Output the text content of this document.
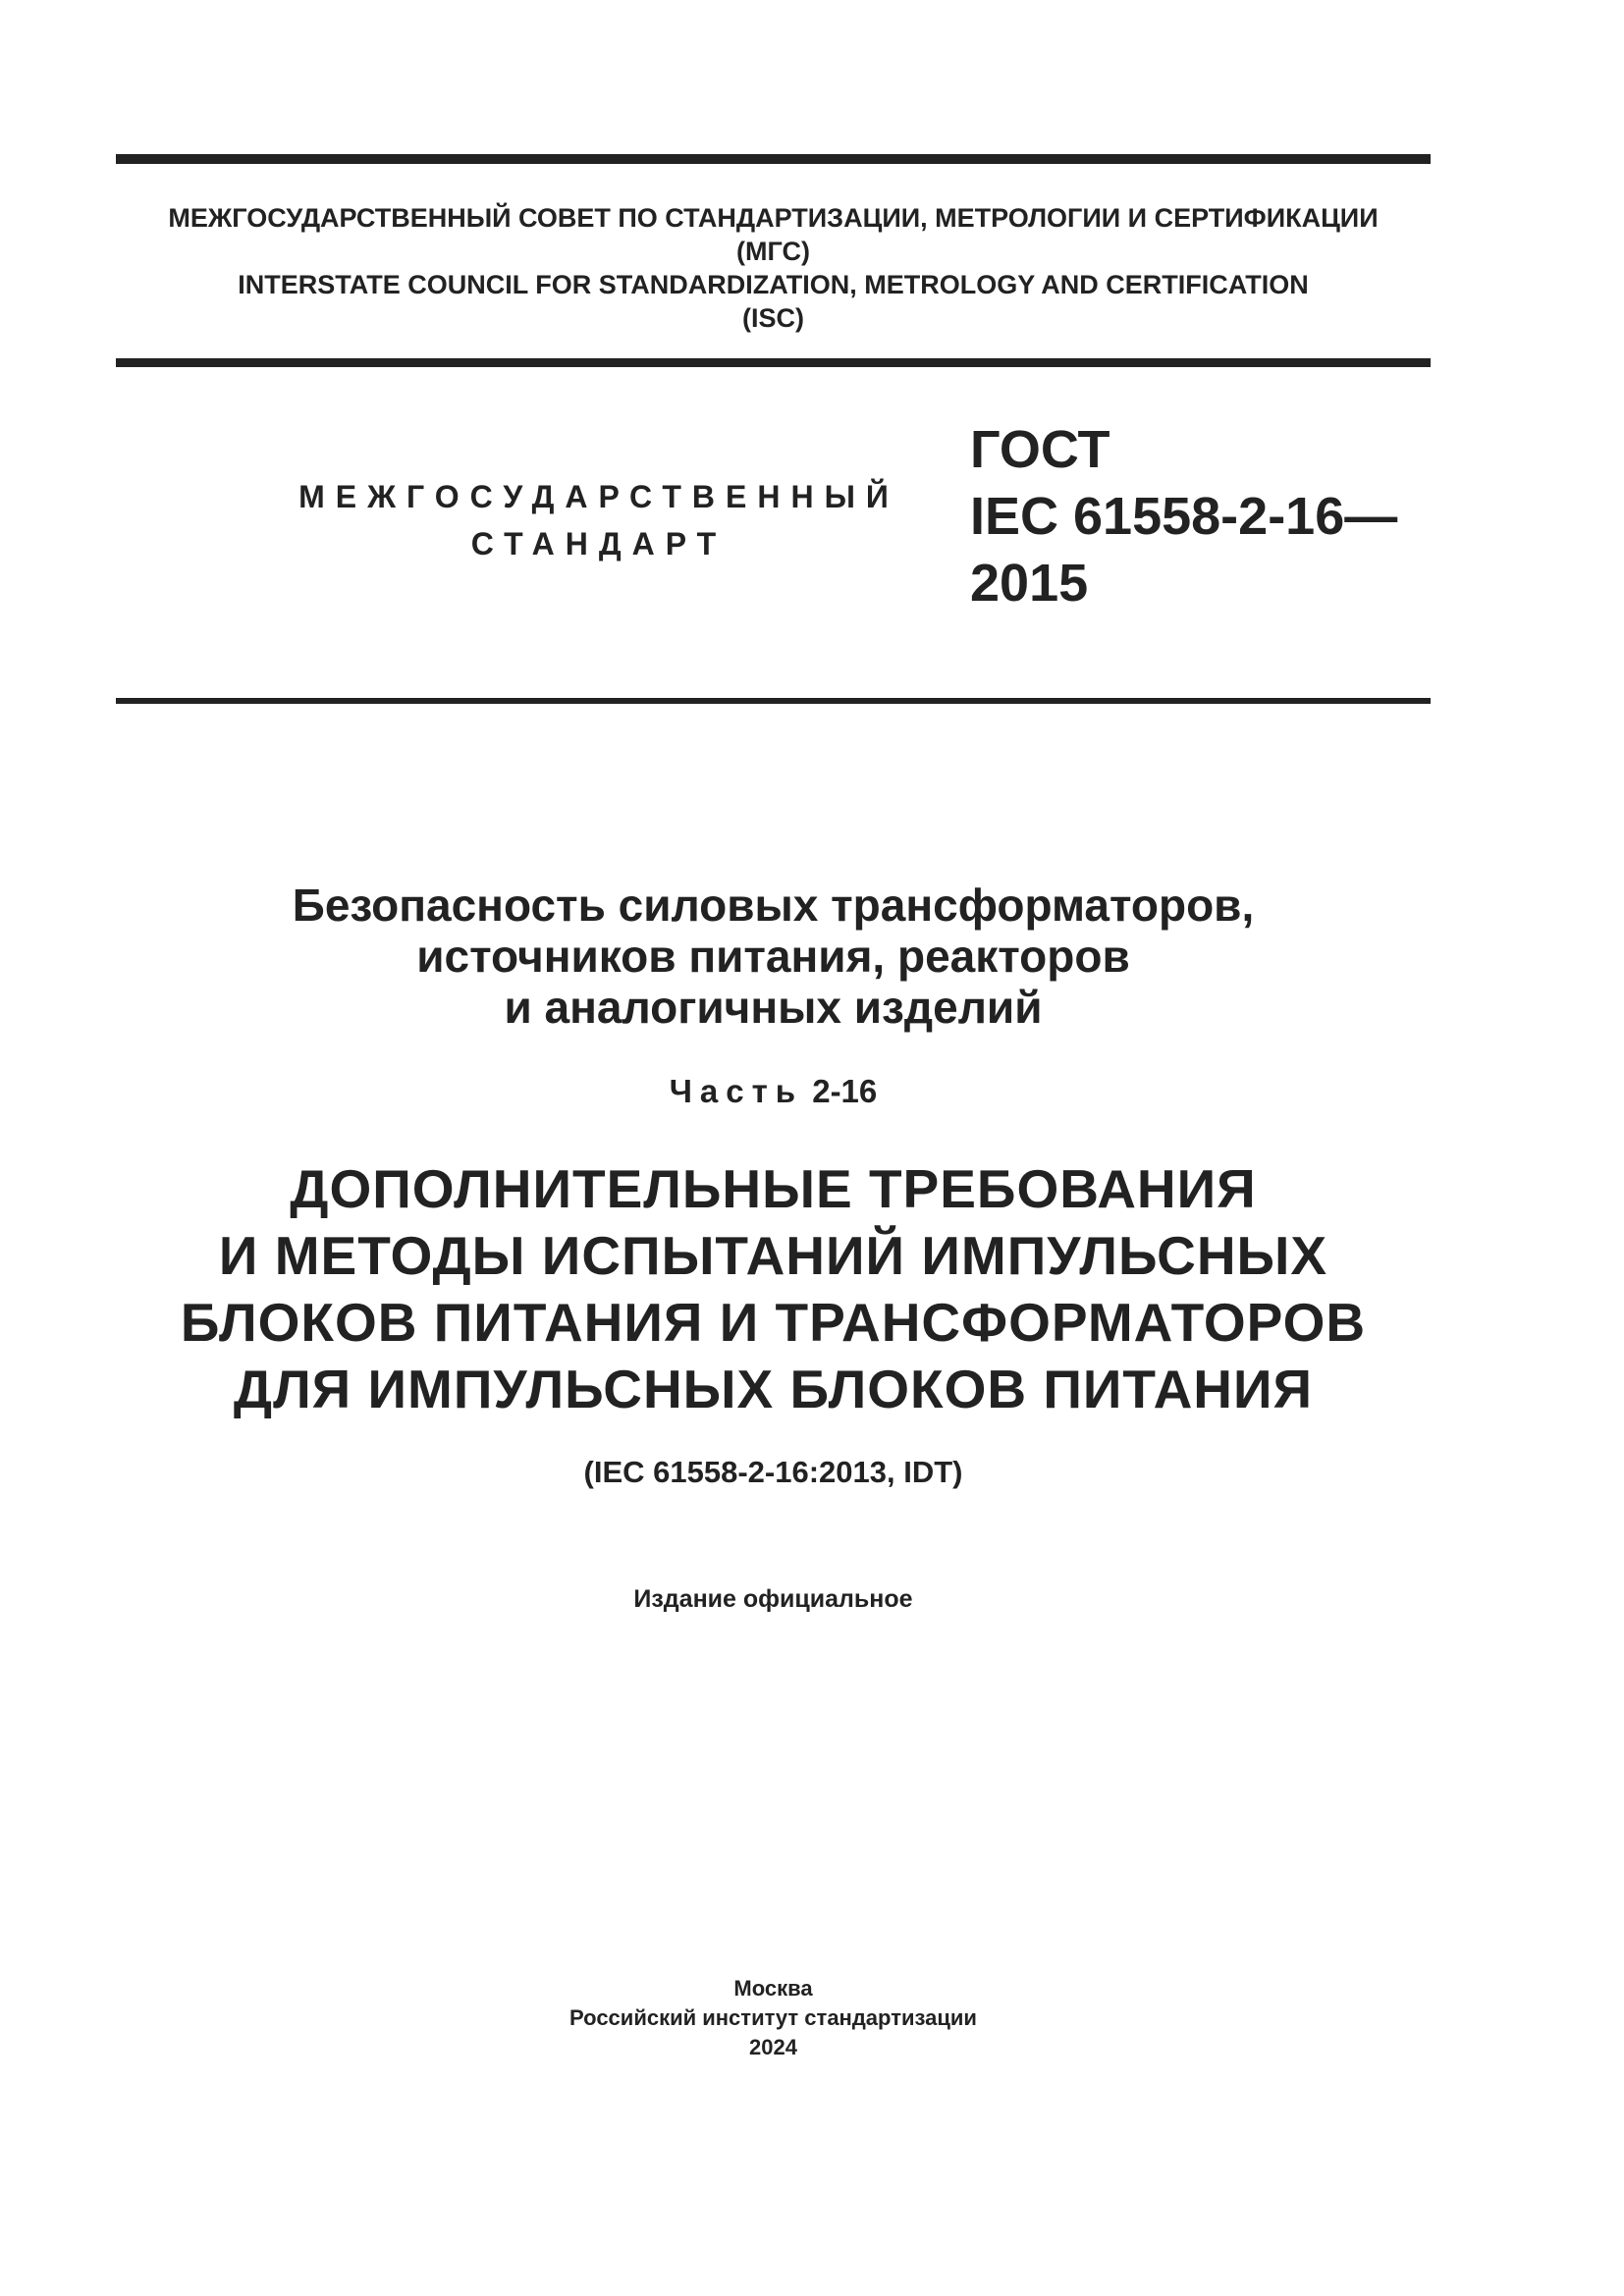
МЕЖГОСУДАРСТВЕННЫЙ СОВЕТ ПО СТАНДАРТИЗАЦИИ, МЕТРОЛОГИИ И СЕРТИФИКАЦИИ
(МГС)
INTERSTATE COUNCIL FOR STANDARDIZATION, METROLOGY AND CERTIFICATION
(ISC)
МЕЖГОСУДАРСТВЕННЫЙ
СТАНДАРТ
ГОСТ
IEC 61558-2-16—
2015
Безопасность силовых трансформаторов,
источников питания, реакторов
и аналогичных изделий
Часть 2-16
ДОПОЛНИТЕЛЬНЫЕ ТРЕБОВАНИЯ
И МЕТОДЫ ИСПЫТАНИЙ ИМПУЛЬСНЫХ
БЛОКОВ ПИТАНИЯ И ТРАНСФОРМАТОРОВ
ДЛЯ ИМПУЛЬСНЫХ БЛОКОВ ПИТАНИЯ
(IEC 61558-2-16:2013, IDT)
Издание официальное
Москва
Российский институт стандартизации
2024
